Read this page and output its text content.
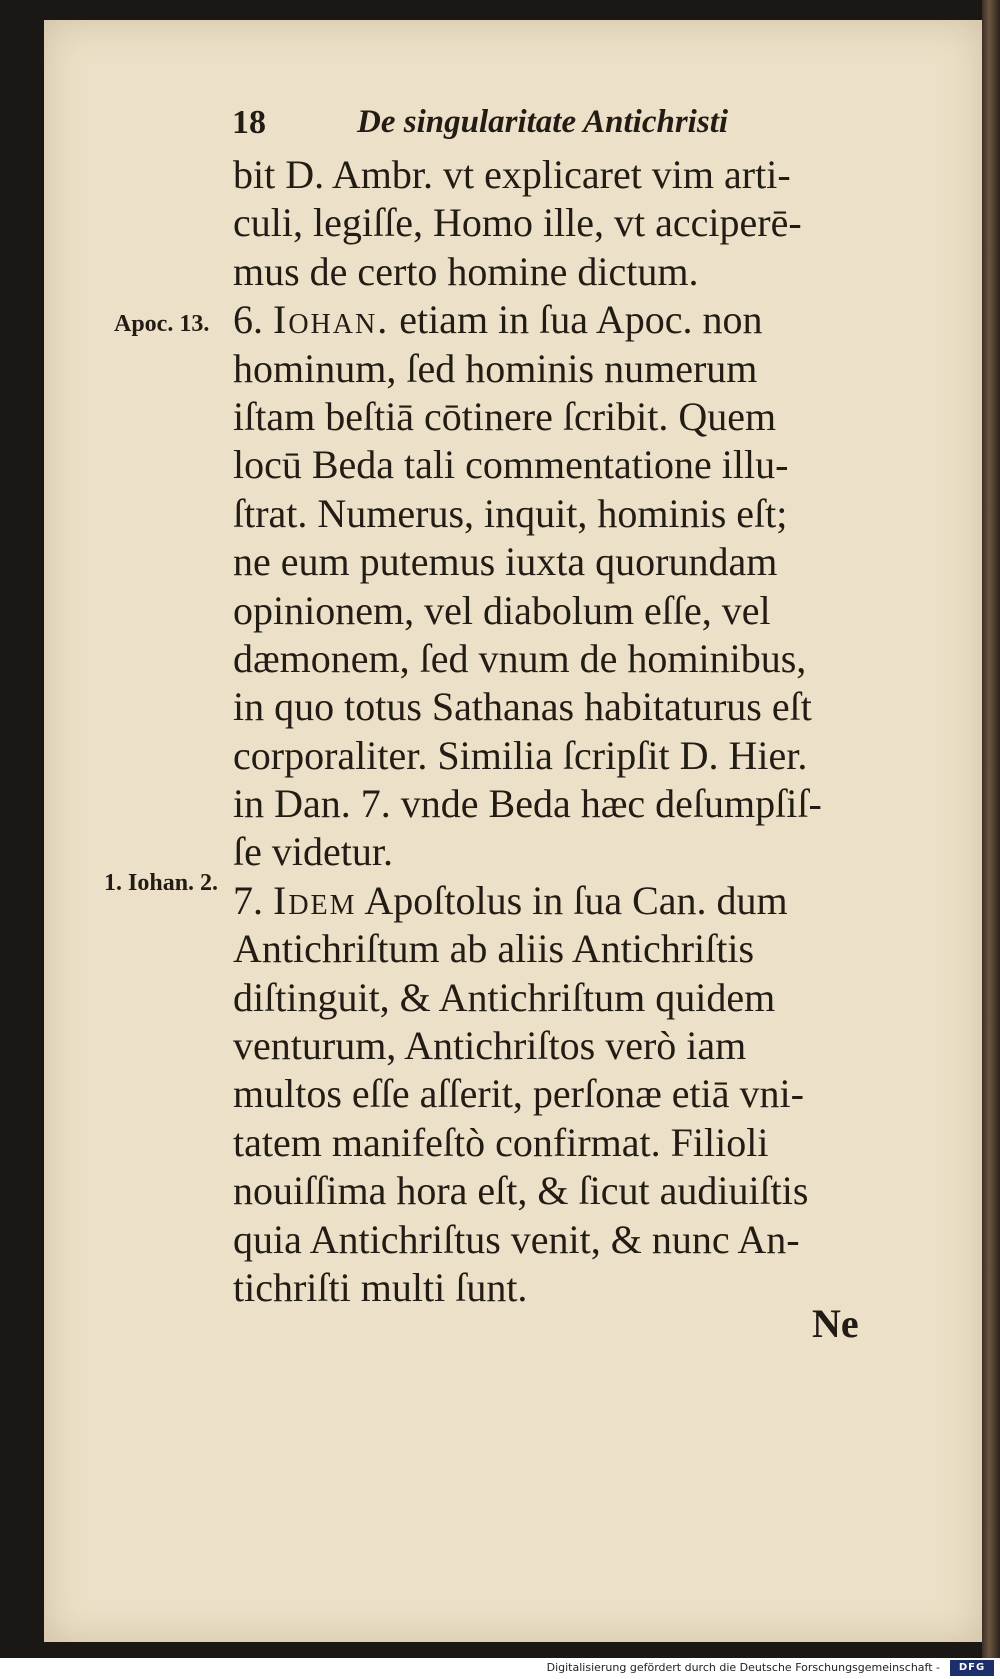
18	De singularitate Antichristi
Apoc. 13.
1. Iohan. 2.
bit D. Ambr. vt explicaret vim arti-
culi, legiſſe, Homo ille, vt acciperē-
mus de certo homine dictum.
6. Iohan. etiam in ſua Apoc. non
hominum, ſed hominis numerum
iſtam beſtiā cōtinere ſcribit. Quem
locū Beda tali commentatione illu-
ſtrat. Numerus, inquit, hominis eſt;
ne eum putemus iuxta quorundam
opinionem, vel diabolum eſſe, vel
dæmonem, ſed vnum de hominibus,
in quo totus Sathanas habitaturus eſt
corporaliter. Similia ſcripſit D. Hier.
in Dan. 7. vnde Beda hæc deſumpſiſ-
ſe videtur.
7. Idem Apoſtolus in ſua Can. dum
Antichriſtum ab aliis Antichriſtis
diſtinguit, & Antichriſtum quidem
venturum, Antichriſtos verò iam
multos eſſe aſſerit, perſonæ etiā vni-
tatem manifeſtò confirmat. Filioli
nouiſſima hora eſt, & ſicut audiuiſtis
quia Antichriſtus venit, & nunc An-
tichriſti multi ſunt.
Ne
Digitalisierung gefördert durch die Deutsche Forschungsgemeinschaft -	DFG
